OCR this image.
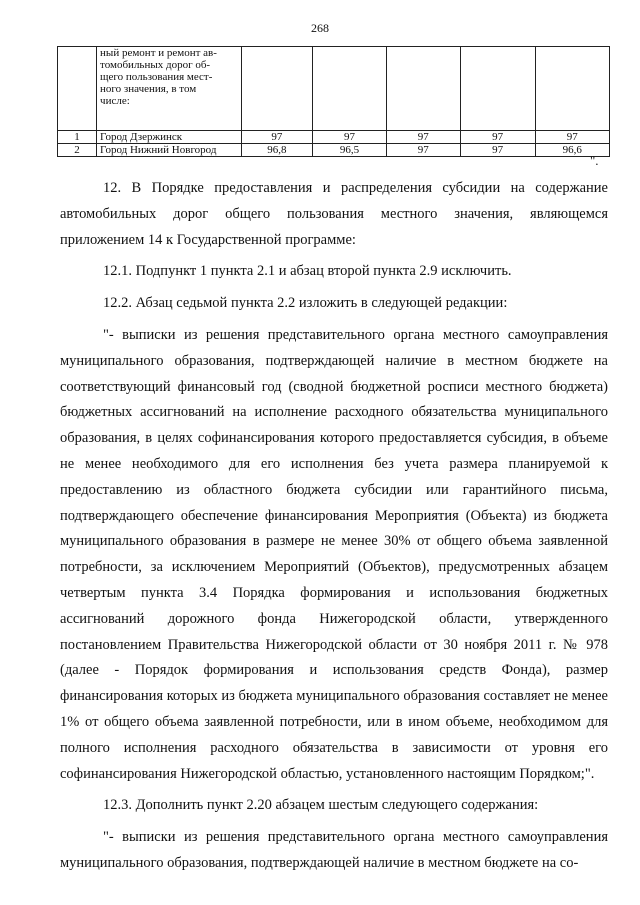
268

	ный ремонт и ремонт ав-
томобильных дорог об-
щего пользования мест-
ного значения, в том
числе:					

1	Город Дзержинск	97	97	97	97	97
2	Город Нижний Новгород	96,8	96,5	97	97	96,6
".

12. В Порядке предоставления и распределения субсидии на содержание автомобильных дорог общего пользования местного значения, являющемся приложением 14 к Государственной программе:

12.1. Подпункт 1 пункта 2.1 и абзац второй пункта 2.9 исключить.

12.2. Абзац седьмой пункта 2.2 изложить в следующей редакции:

"- выписки из решения представительного органа местного самоуправления муниципального образования, подтверждающей наличие в местном бюджете на соответствующий финансовый год (сводной бюджетной росписи местного бюджета) бюджетных ассигнований на исполнение расходного обязательства муниципального образования, в целях софинансирования которого предоставляется субсидия, в объеме не менее необходимого для его исполнения без учета размера планируемой к предоставлению из областного бюджета субсидии или гарантийного письма, подтверждающего обеспечение финансирования Мероприятия (Объекта) из бюджета муниципального образования в размере не менее 30% от общего объема заявленной потребности, за исключением Мероприятий (Объектов), предусмотренных абзацем четвертым пункта 3.4 Порядка формирования и использования бюджетных ассигнований дорожного фонда Нижегородской области, утвержденного постановлением Правительства Нижегородской области от 30 ноября 2011 г. № 978 (далее - Порядок формирования и использования средств Фонда), размер финансирования которых из бюджета муниципального образования составляет не менее 1% от общего объема заявленной потребности, или в ином объеме, необходимом для полного исполнения расходного обязательства в зависимости от уровня его софинансирования Нижегородской областью, установленного настоящим Порядком;".

12.3. Дополнить пункт 2.20 абзацем шестым следующего содержания:

"- выписки из решения представительного органа местного самоуправления муниципального образования, подтверждающей наличие в местном бюджете на со-
